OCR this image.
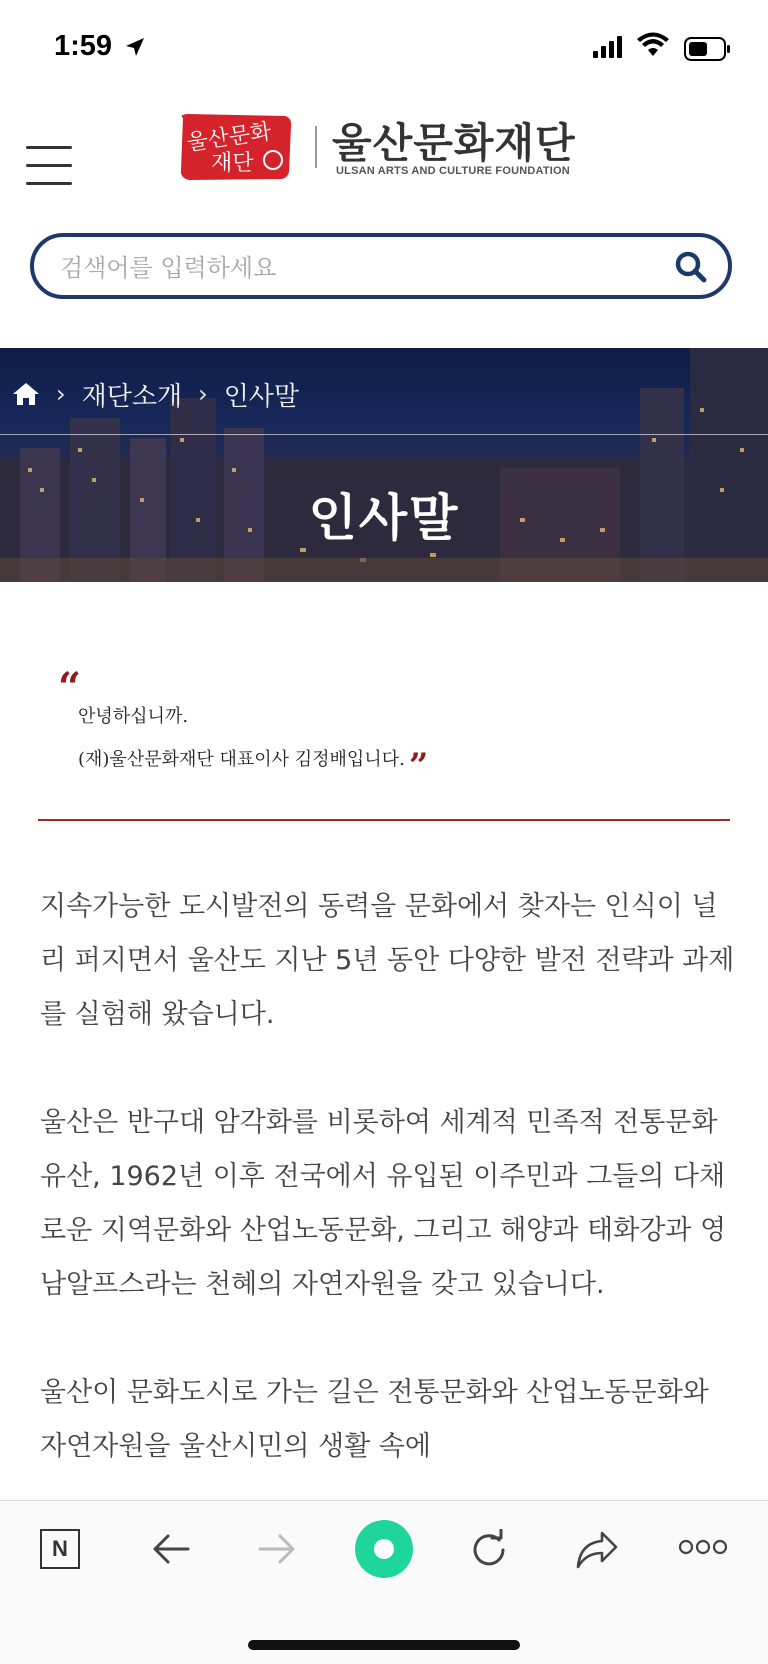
1:59
울산문화
재단 울산문화재단
ULSAN ARTS AND CULTURE FOUNDATION
검색어를 입력하세요
› 재단소개 › 인사말
인사말
“
안녕하십니까.
(재)울산문화재단 대표이사 김정배입니다. ”

지속가능한 도시발전의 동력을 문화에서 찾자는 인식이 널리 퍼지면서 울산도 지난 5년 동안 다양한 발전 전략과 과제를 실험해 왔습니다.

울산은 반구대 암각화를 비롯하여 세계적 민족적 전통문화 유산, 1962년 이후 전국에서 유입된 이주민과 그들의 다채로운 지역문화와 산업노동문화, 그리고 해양과 태화강과 영남알프스라는 천혜의 자연자원을 갖고 있습니다.

울산이 문화도시로 가는 길은 전통문화와 산업노동문화와 자연자원을 울산시민의 생활 속에

N
